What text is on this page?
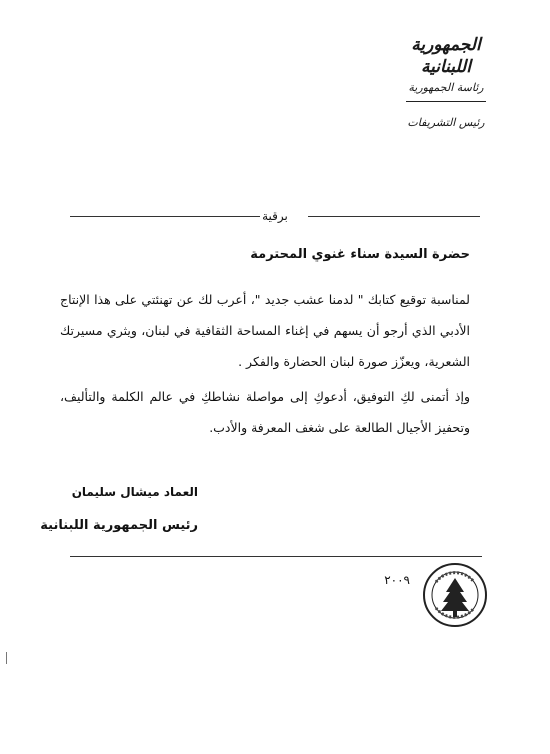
الجمهورية اللبنانية
رئاسة الجمهورية
رئيس التشريفات
برقية
حضرة السيدة سناء غنوي المحترمة

لمناسبة توقيع كتابك " لدمنا عشب جديد "، أعرب لك عن تهنئتي على هذا الإنتاج الأدبي الذي أرجو أن يسهم في إغناء المساحة الثقافية في لبنان، ويثري مسيرتك الشعرية، ويعزّز صورة لبنان الحضارة والفكر .

وإذ أتمنى لكِ التوفيق، أدعوكِ إلى مواصلة نشاطكِ في عالم الكلمة والتأليف، وتحفيز الأجيال الطالعة على شغف المعرفة والأدب.

العماد ميشال سليمان

رئيس الجمهورية اللبنانية
٢٠٠٩
